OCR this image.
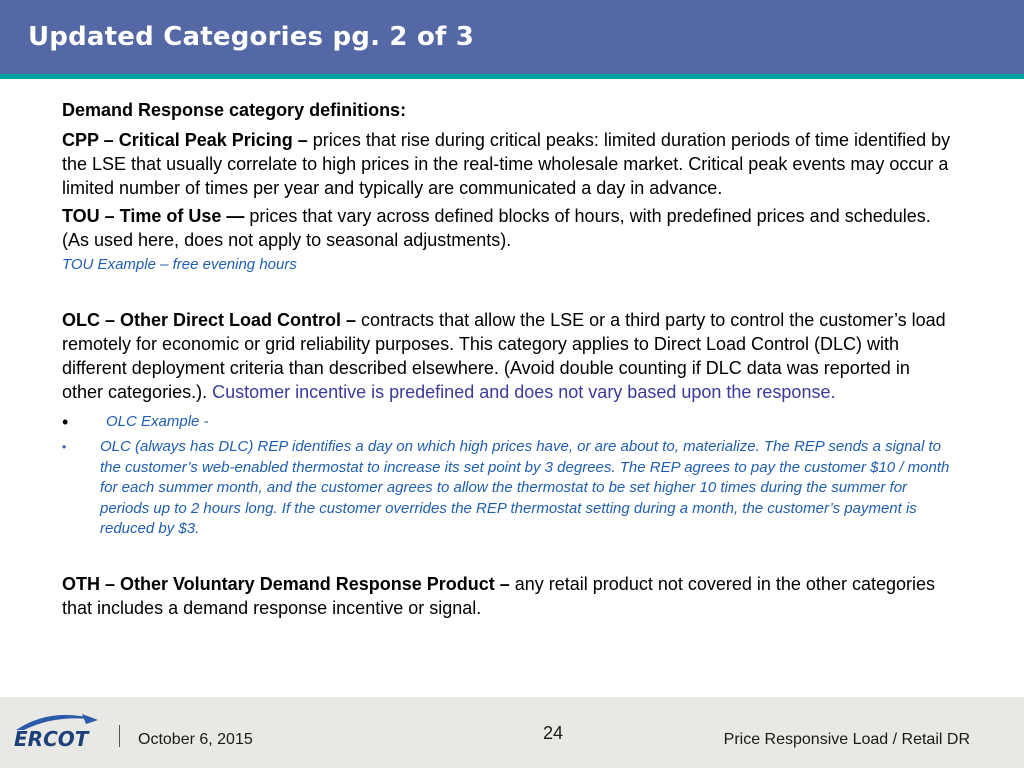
Updated Categories pg. 2 of 3

Demand Response category definitions:

CPP – Critical Peak Pricing – prices that rise during critical peaks: limited duration periods of time identified by the LSE that usually correlate to high prices in the real-time wholesale market. Critical peak events may occur a limited number of times per year and typically are communicated a day in advance.

TOU – Time of Use — prices that vary across defined blocks of hours, with predefined prices and schedules. (As used here, does not apply to seasonal adjustments).

TOU Example – free evening hours

OLC – Other Direct Load Control – contracts that allow the LSE or a third party to control the customer’s load remotely for economic or grid reliability purposes. This category applies to Direct Load Control (DLC) with different deployment criteria than described elsewhere. (Avoid double counting if DLC data was reported in other categories.). Customer incentive is predefined and does not vary based upon the response.

•	OLC Example -
•	OLC (always has DLC) REP identifies a day on which high prices have, or are about to, materialize. The REP sends a signal to the customer’s web-enabled thermostat to increase its set point by 3 degrees. The REP agrees to pay the customer $10 / month for each summer month, and the customer agrees to allow the thermostat to be set higher 10 times during the summer for periods up to 2 hours long. If the customer overrides the REP thermostat setting during a month, the customer’s payment is reduced by $3.

OTH – Other Voluntary Demand Response Product – any retail product not covered in the other categories that includes a demand response incentive or signal.

ERCOT	October 6, 2015	24	Price Responsive Load / Retail DR
